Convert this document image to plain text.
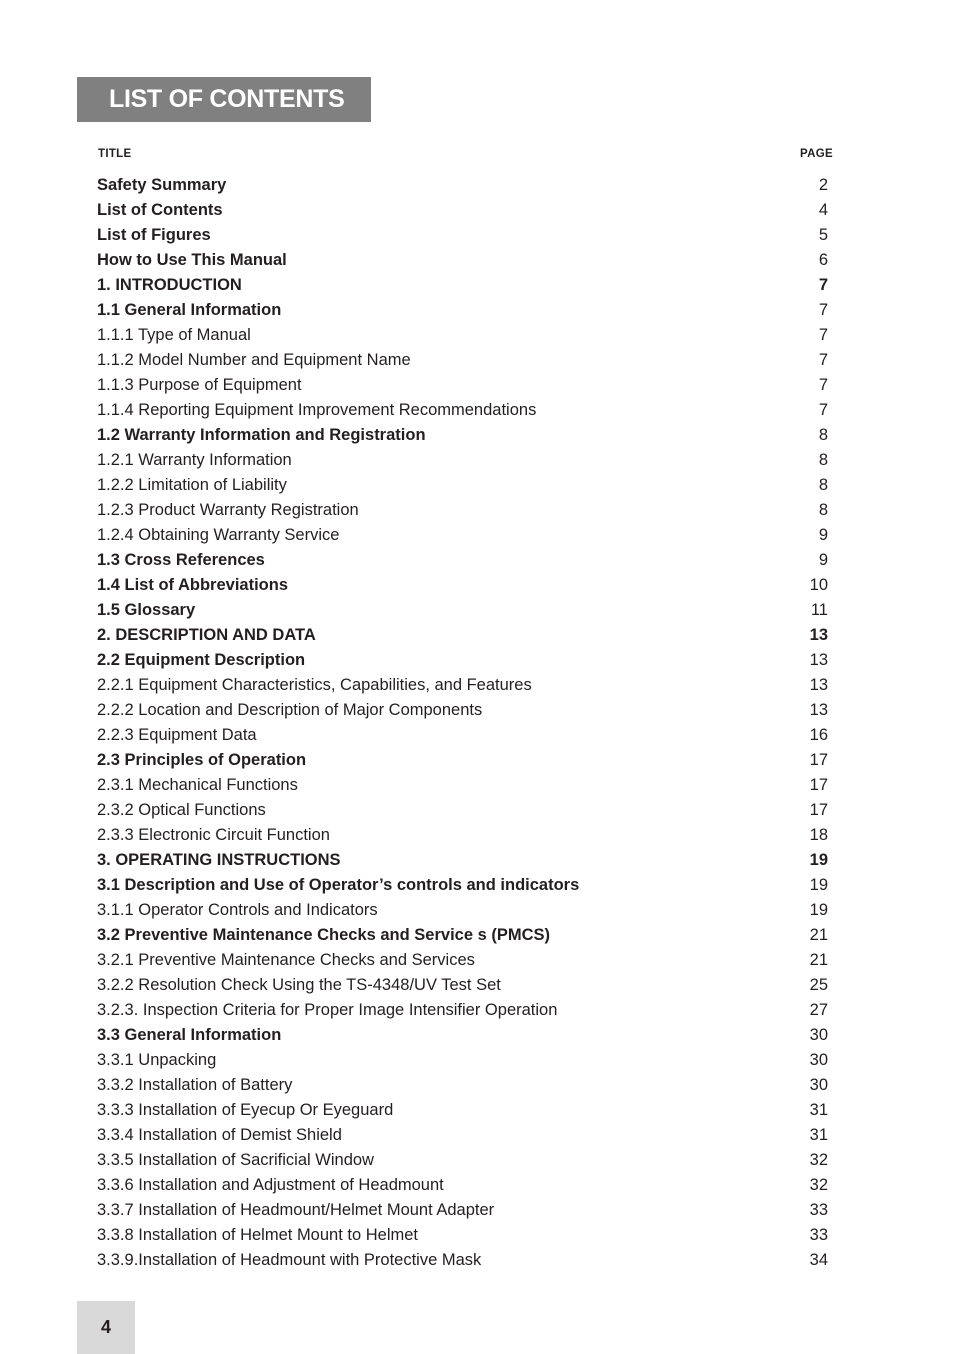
LIST OF CONTENTS
TITLE	PAGE
Safety Summary	2
List of Contents	4
List of Figures	5
How to Use This Manual	6
1. INTRODUCTION	7
1.1 General Information	7
1.1.1 Type of Manual	7
1.1.2 Model Number and Equipment Name	7
1.1.3 Purpose of Equipment	7
1.1.4 Reporting Equipment Improvement Recommendations	7
1.2 Warranty Information and Registration	8
1.2.1 Warranty Information	8
1.2.2 Limitation of Liability	8
1.2.3 Product Warranty Registration	8
1.2.4 Obtaining Warranty Service	9
1.3 Cross References	9
1.4 List of Abbreviations	10
1.5 Glossary	11
2. DESCRIPTION AND DATA	13
2.2 Equipment Description	13
2.2.1 Equipment Characteristics, Capabilities, and Features	13
2.2.2 Location and Description of Major Components	13
2.2.3 Equipment Data	16
2.3 Principles of Operation	17
2.3.1 Mechanical Functions	17
2.3.2 Optical Functions	17
2.3.3 Electronic Circuit Function	18
3. OPERATING INSTRUCTIONS	19
3.1 Description and Use of Operator’s controls and indicators	19
3.1.1 Operator Controls and Indicators	19
3.2 Preventive Maintenance Checks and Service s (PMCS)	21
3.2.1 Preventive Maintenance Checks and Services	21
3.2.2 Resolution Check Using the TS-4348/UV Test Set	25
3.2.3. Inspection Criteria for Proper Image Intensifier Operation	27
3.3 General Information	30
3.3.1 Unpacking	30
3.3.2 Installation of Battery	30
3.3.3 Installation of Eyecup Or Eyeguard	31
3.3.4 Installation of Demist Shield	31
3.3.5 Installation of Sacrificial Window	32
3.3.6 Installation and Adjustment of Headmount	32
3.3.7 Installation of Headmount/Helmet Mount Adapter	33
3.3.8 Installation of Helmet Mount to Helmet	33
3.3.9.Installation of Headmount with Protective Mask	34
4
